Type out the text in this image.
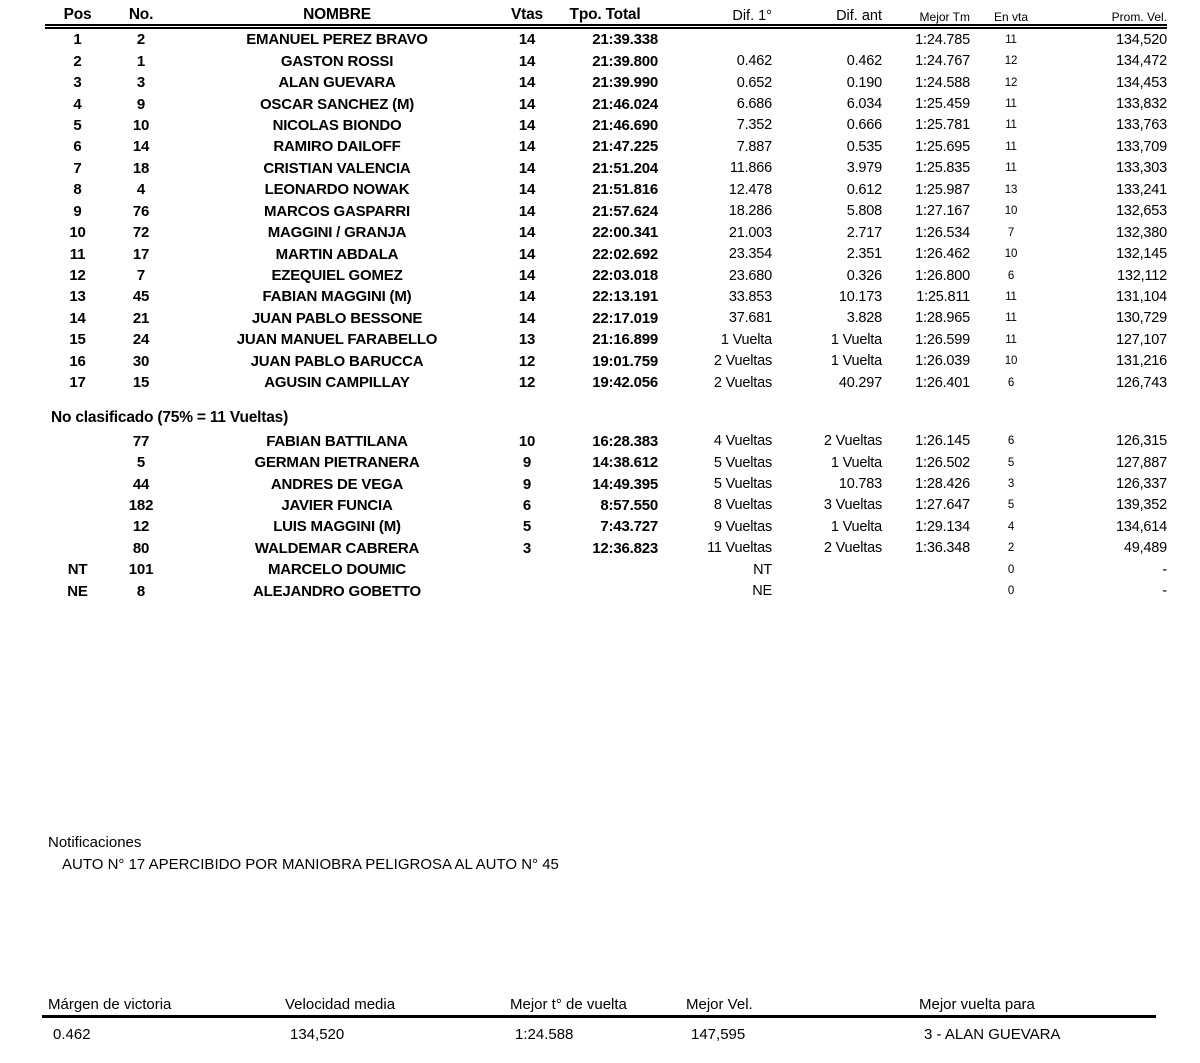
Pos	No.	NOMBRE	Vtas	Tpo. Total	Dif. 1°	Dif. ant	Mejor Tm	En vta	Prom. Vel.
1	2	EMANUEL PEREZ BRAVO	14	21:39.338			1:24.785	11	134,520
2	1	GASTON ROSSI	14	21:39.800	0.462	0.462	1:24.767	12	134,472
3	3	ALAN GUEVARA	14	21:39.990	0.652	0.190	1:24.588	12	134,453
4	9	OSCAR SANCHEZ (M)	14	21:46.024	6.686	6.034	1:25.459	11	133,832
5	10	NICOLAS BIONDO	14	21:46.690	7.352	0.666	1:25.781	11	133,763
6	14	RAMIRO DAILOFF	14	21:47.225	7.887	0.535	1:25.695	11	133,709
7	18	CRISTIAN VALENCIA	14	21:51.204	11.866	3.979	1:25.835	11	133,303
8	4	LEONARDO NOWAK	14	21:51.816	12.478	0.612	1:25.987	13	133,241
9	76	MARCOS GASPARRI	14	21:57.624	18.286	5.808	1:27.167	10	132,653
10	72	MAGGINI / GRANJA	14	22:00.341	21.003	2.717	1:26.534	7	132,380
11	17	MARTIN ABDALA	14	22:02.692	23.354	2.351	1:26.462	10	132,145
12	7	EZEQUIEL GOMEZ	14	22:03.018	23.680	0.326	1:26.800	6	132,112
13	45	FABIAN MAGGINI (M)	14	22:13.191	33.853	10.173	1:25.811	11	131,104
14	21	JUAN PABLO BESSONE	14	22:17.019	37.681	3.828	1:28.965	11	130,729
15	24	JUAN MANUEL FARABELLO	13	21:16.899	1 Vuelta	1 Vuelta	1:26.599	11	127,107
16	30	JUAN PABLO BARUCCA	12	19:01.759	2 Vueltas	1 Vuelta	1:26.039	10	131,216
17	15	AGUSIN CAMPILLAY	12	19:42.056	2 Vueltas	40.297	1:26.401	6	126,743

No clasificado (75% = 11 Vueltas)									
	77	FABIAN BATTILANA	10	16:28.383	4 Vueltas	2 Vueltas	1:26.145	6	126,315
	5	GERMAN PIETRANERA	9	14:38.612	5 Vueltas	1 Vuelta	1:26.502	5	127,887
	44	ANDRES DE VEGA	9	14:49.395	5 Vueltas	10.783	1:28.426	3	126,337
	182	JAVIER FUNCIA	6	8:57.550	8 Vueltas	3 Vueltas	1:27.647	5	139,352
	12	LUIS MAGGINI (M)	5	7:43.727	9 Vueltas	1 Vuelta	1:29.134	4	134,614
	80	WALDEMAR CABRERA	3	12:36.823	11 Vueltas	2 Vueltas	1:36.348	2	49,489
NT	101	MARCELO DOUMIC			NT			0	-
NE	8	ALEJANDRO GOBETTO			NE			0	-
Notificaciones
AUTO N° 17 APERCIBIDO POR MANIOBRA PELIGROSA AL AUTO N° 45
Márgen de victoria
0.462
Velocidad media
134,520
Mejor t° de vuelta
1:24.588
Mejor Vel.
147,595
Mejor vuelta para
3 - ALAN GUEVARA
